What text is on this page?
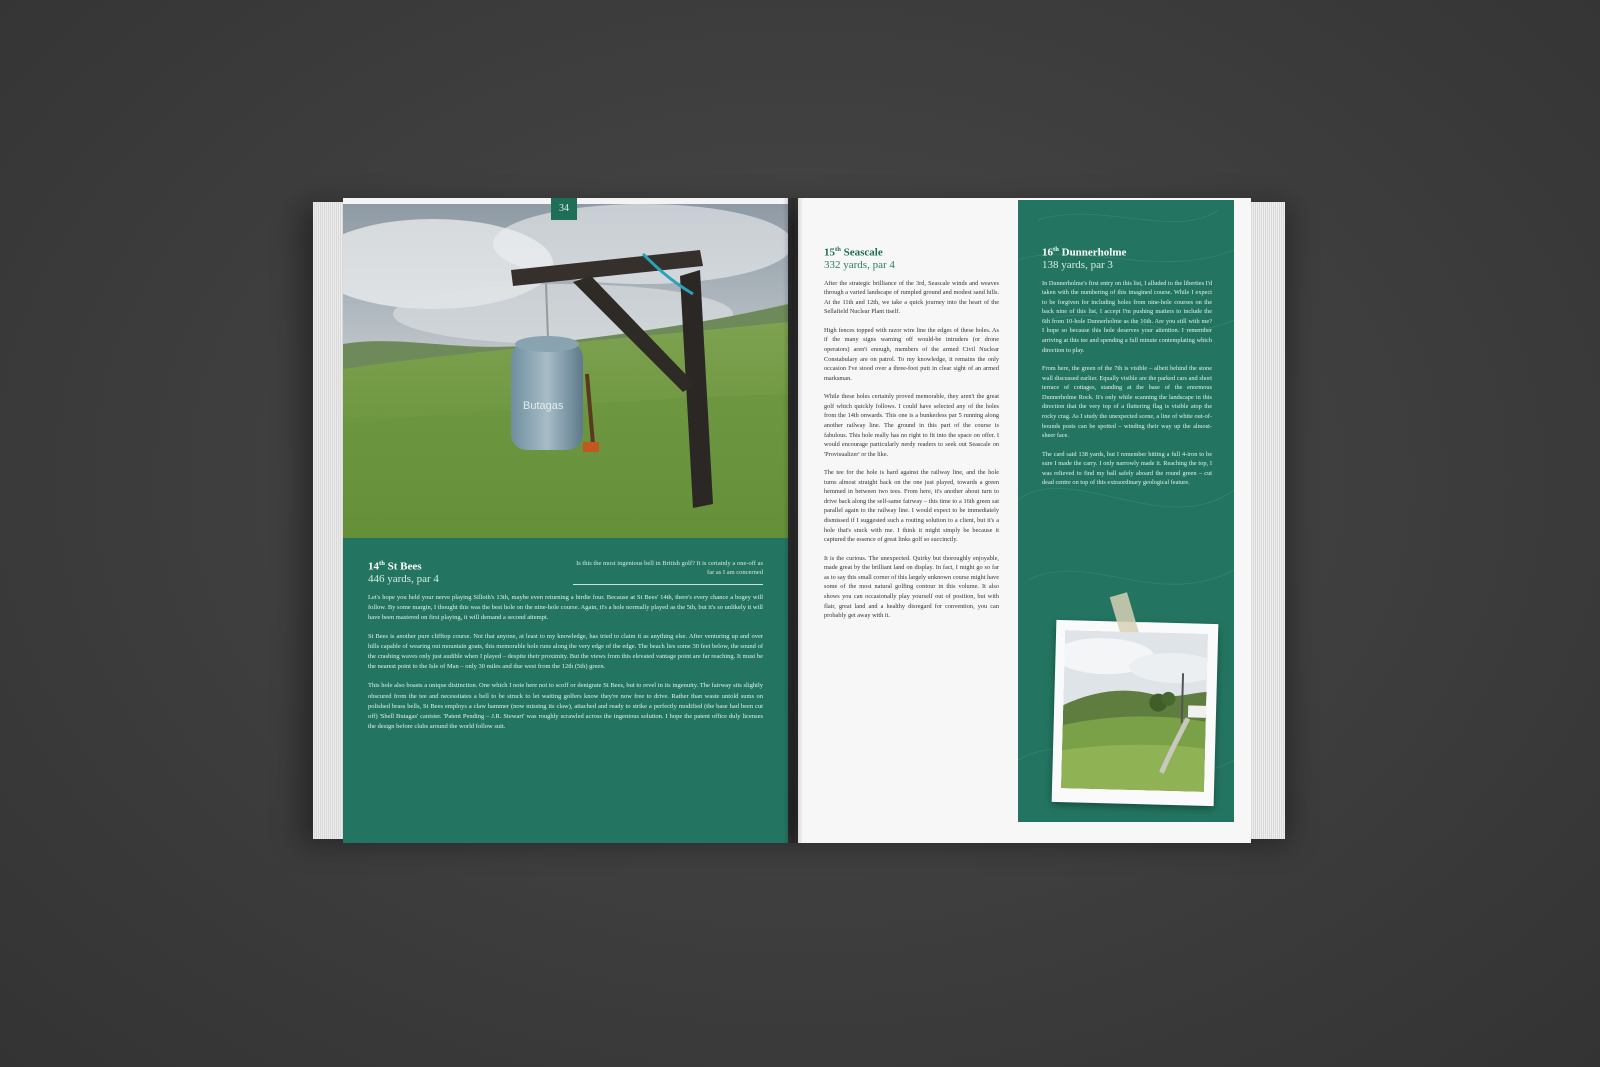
Butagas
34
Is this the most ingenious bell in British golf? It is certainly a one-off as far as I am concerned
14th St Bees
446 yards, par 4

Let's hope you held your nerve playing Silloth's 13th, maybe even returning a birdie four. Because at St Bees' 14th, there's every chance a bogey will follow. By some margin, I thought this was the best hole on the nine-hole course. Again, it's a hole normally played as the 5th, but it's so unlikely it will have been mastered on first playing, it will demand a second attempt.

St Bees is another pure clifftop course. Not that anyone, at least to my knowledge, has tried to claim it as anything else. After venturing up and over hills capable of wearing out mountain goats, this memorable hole runs along the very edge of the edge. The beach lies some 30 feet below, the sound of the crashing waves only just audible when I played – despite their proximity. But the views from this elevated vantage point are far reaching. It must be the nearest point to the Isle of Man – only 30 miles and due west from the 12th (5th) green.

This hole also boasts a unique distinction. One which I note here not to scoff or denigrate St Bees, but to revel in its ingenuity. The fairway sits slightly obscured from the tee and necessitates a bell to be struck to let waiting golfers know they're now free to drive. Rather than waste untold sums on polished brass bells, St Bees employs a claw hammer (now missing its claw), attached and ready to strike a perfectly modified (the base had been cut off) 'Shell Butagas' canister. 'Patent Pending – J.R. Stewart' was roughly scrawled across the ingenious solution. I hope the patent office duly licenses the design before clubs around the world follow suit.

15th Seascale
332 yards, par 4

After the strategic brilliance of the 3rd, Seascale winds and weaves through a varied landscape of rumpled ground and modest sand hills. At the 11th and 12th, we take a quick journey into the heart of the Sellafield Nuclear Plant itself.

High fences topped with razor wire line the edges of these holes. As if the many signs warning off would-be intruders (or drone operators) aren't enough, members of the armed Civil Nuclear Constabulary are on patrol. To my knowledge, it remains the only occasion I've stood over a three-foot putt in clear sight of an armed marksman.

While these holes certainly proved memorable, they aren't the great golf which quickly follows. I could have selected any of the holes from the 14th onwards. This one is a bunkerless par 5 running along another railway line. The ground in this part of the course is fabulous. This hole really has no right to fit into the space on offer. I would encourage particularly nerdy readers to seek out Seascale on 'Provisualizer' or the like.

The tee for the hole is hard against the railway line, and the hole turns almost straight back on the one just played, towards a green hemmed in between two tees. From here, it's another about turn to drive back along the self-same fairway – this time to a 16th green sat parallel again to the railway line. I would expect to be immediately dismissed if I suggested such a routing solution to a client, but it's a hole that's stuck with me. I think it might simply be because it captured the essence of great links golf so succinctly.

It is the curious. The unexpected. Quirky but thoroughly enjoyable, made great by the brilliant land on display. In fact, I might go so far as to say this small corner of this largely unknown course might have some of the most natural golfing contour in this volume. It also shows you can occasionally play yourself out of position, but with flair, great land and a healthy disregard for convention, you can probably get away with it.

16th Dunnerholme
138 yards, par 3

In Dunnerholme's first entry on this list, I alluded to the liberties I'd taken with the numbering of this imagined course. While I expect to be forgiven for including holes from nine-hole courses on the back nine of this list, I accept I'm pushing matters to include the 6th from 10-hole Dunnerholme as the 16th. Are you still with me? I hope so because this hole deserves your attention. I remember arriving at this tee and spending a full minute contemplating which direction to play.

From here, the green of the 7th is visible – albeit behind the stone wall discussed earlier. Equally visible are the parked cars and short terrace of cottages, standing at the base of the enormous Dunnerholme Rock. It's only while scanning the landscape in this direction that the very top of a fluttering flag is visible atop the rocky crag. As I study the unexpected scene, a line of white out-of-bounds posts can be spotted – winding their way up the almost-sheer face.

The card said 138 yards, but I remember hitting a full 4-iron to be sure I made the carry. I only narrowly made it. Reaching the top, I was relieved to find my ball safely aboard the round green – cut dead centre on top of this extraordinary geological feature.
